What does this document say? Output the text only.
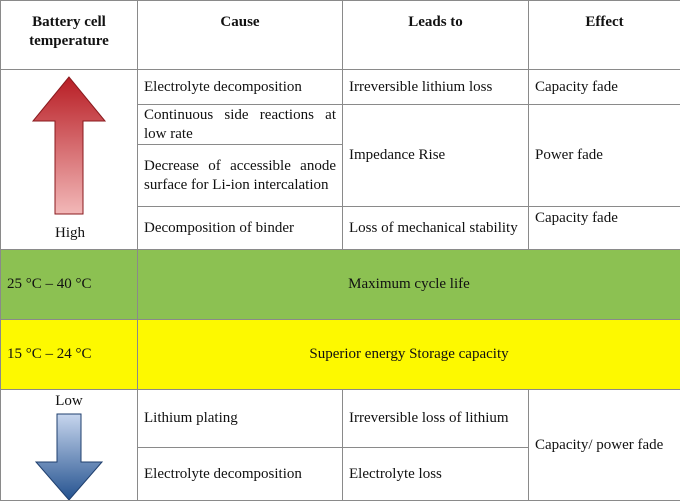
Battery cell temperature	Cause	Leads to	Effect

High	Electrolyte decomposition	Irreversible lithium loss	Capacity fade
	Continuous side reactions at low rate	Impedance Rise	Power fade
	Decrease of accessible anode surface for Li-ion intercalation		
	Decomposition of binder	Loss of mechanical stability	Capacity fade
25 °C – 40 °C	Maximum cycle life		
15 °C – 24 °C	Superior energy Storage capacity		

Low	Lithium plating	Irreversible loss of lithium	Capacity/ power fade
	Electrolyte decomposition	Electrolyte loss	
